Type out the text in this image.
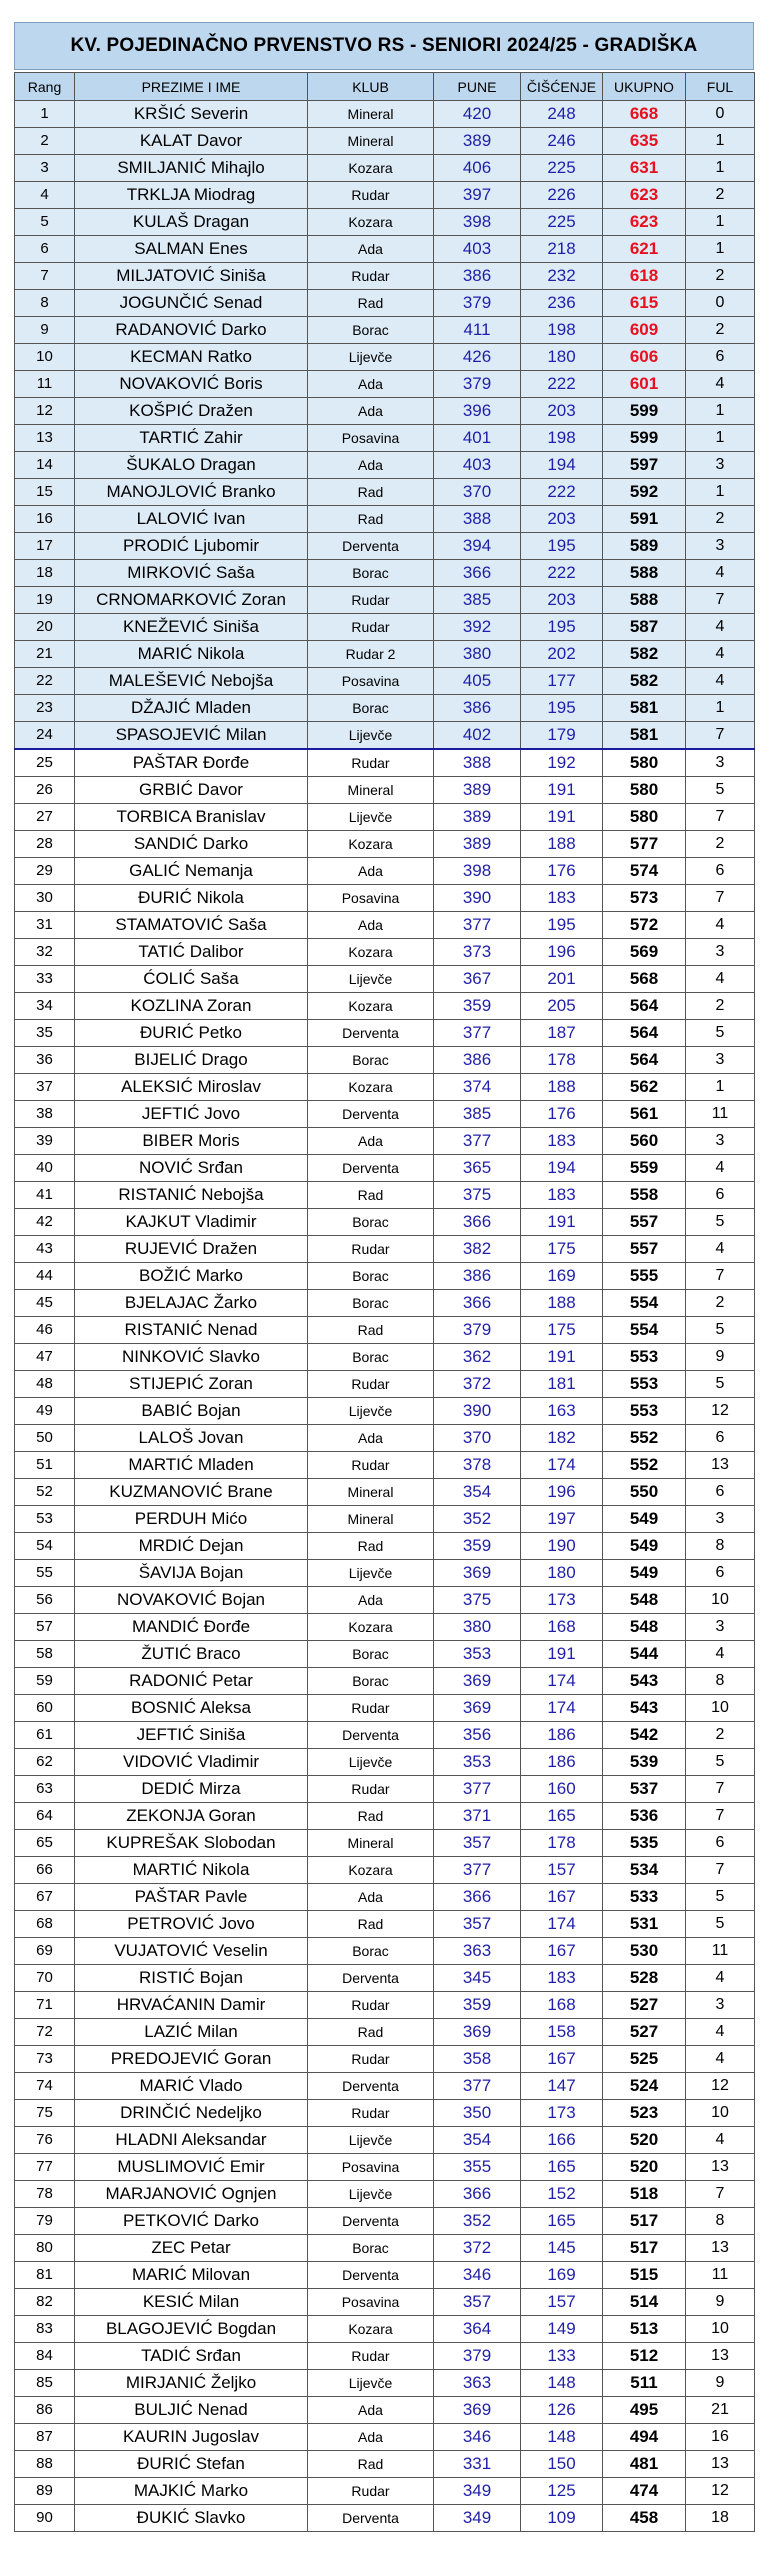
KV. POJEDINAČNO PRVENSTVO RS - SENIORI 2024/25 - GRADIŠKA
Rang	PREZIME I IME	KLUB	PUNE	ČIŠĆENJE	UKUPNO	FUL
1	KRŠIĆ Severin	Mineral	420	248	668	0
2	KALAT Davor	Mineral	389	246	635	1
3	SMILJANIĆ Mihajlo	Kozara	406	225	631	1
4	TRKLJA Miodrag	Rudar	397	226	623	2
5	KULAŠ Dragan	Kozara	398	225	623	1
6	SALMAN Enes	Ada	403	218	621	1
7	MILJATOVIĆ Siniša	Rudar	386	232	618	2
8	JOGUNČIĆ Senad	Rad	379	236	615	0
9	RADANOVIĆ Darko	Borac	411	198	609	2
10	KECMAN Ratko	Lijevče	426	180	606	6
11	NOVAKOVIĆ Boris	Ada	379	222	601	4
12	KOŠPIĆ Dražen	Ada	396	203	599	1
13	TARTIĆ Zahir	Posavina	401	198	599	1
14	ŠUKALO Dragan	Ada	403	194	597	3
15	MANOJLOVIĆ Branko	Rad	370	222	592	1
16	LALOVIĆ Ivan	Rad	388	203	591	2
17	PRODIĆ Ljubomir	Derventa	394	195	589	3
18	MIRKOVIĆ Saša	Borac	366	222	588	4
19	CRNOMARKOVIĆ Zoran	Rudar	385	203	588	7
20	KNEŽEVIĆ Siniša	Rudar	392	195	587	4
21	MARIĆ Nikola	Rudar 2	380	202	582	4
22	MALEŠEVIĆ Nebojša	Posavina	405	177	582	4
23	DŽAJIĆ Mladen	Borac	386	195	581	1
24	SPASOJEVIĆ Milan	Lijevče	402	179	581	7
25	PAŠTAR Đorđe	Rudar	388	192	580	3
26	GRBIĆ Davor	Mineral	389	191	580	5
27	TORBICA Branislav	Lijevče	389	191	580	7
28	SANDIĆ Darko	Kozara	389	188	577	2
29	GALIĆ Nemanja	Ada	398	176	574	6
30	ĐURIĆ Nikola	Posavina	390	183	573	7
31	STAMATOVIĆ Saša	Ada	377	195	572	4
32	TATIĆ Dalibor	Kozara	373	196	569	3
33	ĆOLIĆ Saša	Lijevče	367	201	568	4
34	KOZLINA Zoran	Kozara	359	205	564	2
35	ĐURIĆ Petko	Derventa	377	187	564	5
36	BIJELIĆ Drago	Borac	386	178	564	3
37	ALEKSIĆ Miroslav	Kozara	374	188	562	1
38	JEFTIĆ Jovo	Derventa	385	176	561	11
39	BIBER Moris	Ada	377	183	560	3
40	NOVIĆ Srđan	Derventa	365	194	559	4
41	RISTANIĆ Nebojša	Rad	375	183	558	6
42	KAJKUT Vladimir	Borac	366	191	557	5
43	RUJEVIĆ Dražen	Rudar	382	175	557	4
44	BOŽIĆ Marko	Borac	386	169	555	7
45	BJELAJAC Žarko	Borac	366	188	554	2
46	RISTANIĆ Nenad	Rad	379	175	554	5
47	NINKOVIĆ Slavko	Borac	362	191	553	9
48	STIJEPIĆ Zoran	Rudar	372	181	553	5
49	BABIĆ Bojan	Lijevče	390	163	553	12
50	LALOŠ Jovan	Ada	370	182	552	6
51	MARTIĆ Mladen	Rudar	378	174	552	13
52	KUZMANOVIĆ Brane	Mineral	354	196	550	6
53	PERDUH Mićo	Mineral	352	197	549	3
54	MRDIĆ Dejan	Rad	359	190	549	8
55	ŠAVIJA Bojan	Lijevče	369	180	549	6
56	NOVAKOVIĆ Bojan	Ada	375	173	548	10
57	MANDIĆ Đorđe	Kozara	380	168	548	3
58	ŽUTIĆ Braco	Borac	353	191	544	4
59	RADONIĆ Petar	Borac	369	174	543	8
60	BOSNIĆ Aleksa	Rudar	369	174	543	10
61	JEFTIĆ Siniša	Derventa	356	186	542	2
62	VIDOVIĆ Vladimir	Lijevče	353	186	539	5
63	DEDIĆ Mirza	Rudar	377	160	537	7
64	ZEKONJA Goran	Rad	371	165	536	7
65	KUPREŠAK Slobodan	Mineral	357	178	535	6
66	MARTIĆ Nikola	Kozara	377	157	534	7
67	PAŠTAR Pavle	Ada	366	167	533	5
68	PETROVIĆ Jovo	Rad	357	174	531	5
69	VUJATOVIĆ Veselin	Borac	363	167	530	11
70	RISTIĆ Bojan	Derventa	345	183	528	4
71	HRVAĆANIN Damir	Rudar	359	168	527	3
72	LAZIĆ Milan	Rad	369	158	527	4
73	PREDOJEVIĆ Goran	Rudar	358	167	525	4
74	MARIĆ Vlado	Derventa	377	147	524	12
75	DRINČIĆ Nedeljko	Rudar	350	173	523	10
76	HLADNI Aleksandar	Lijevče	354	166	520	4
77	MUSLIMOVIĆ Emir	Posavina	355	165	520	13
78	MARJANOVIĆ Ognjen	Lijevče	366	152	518	7
79	PETKOVIĆ Darko	Derventa	352	165	517	8
80	ZEC Petar	Borac	372	145	517	13
81	MARIĆ Milovan	Derventa	346	169	515	11
82	KESIĆ Milan	Posavina	357	157	514	9
83	BLAGOJEVIĆ Bogdan	Kozara	364	149	513	10
84	TADIĆ Srđan	Rudar	379	133	512	13
85	MIRJANIĆ Željko	Lijevče	363	148	511	9
86	BULJIĆ Nenad	Ada	369	126	495	21
87	KAURIN Jugoslav	Ada	346	148	494	16
88	ĐURIĆ Stefan	Rad	331	150	481	13
89	MAJKIĆ Marko	Rudar	349	125	474	12
90	ĐUKIĆ Slavko	Derventa	349	109	458	18
